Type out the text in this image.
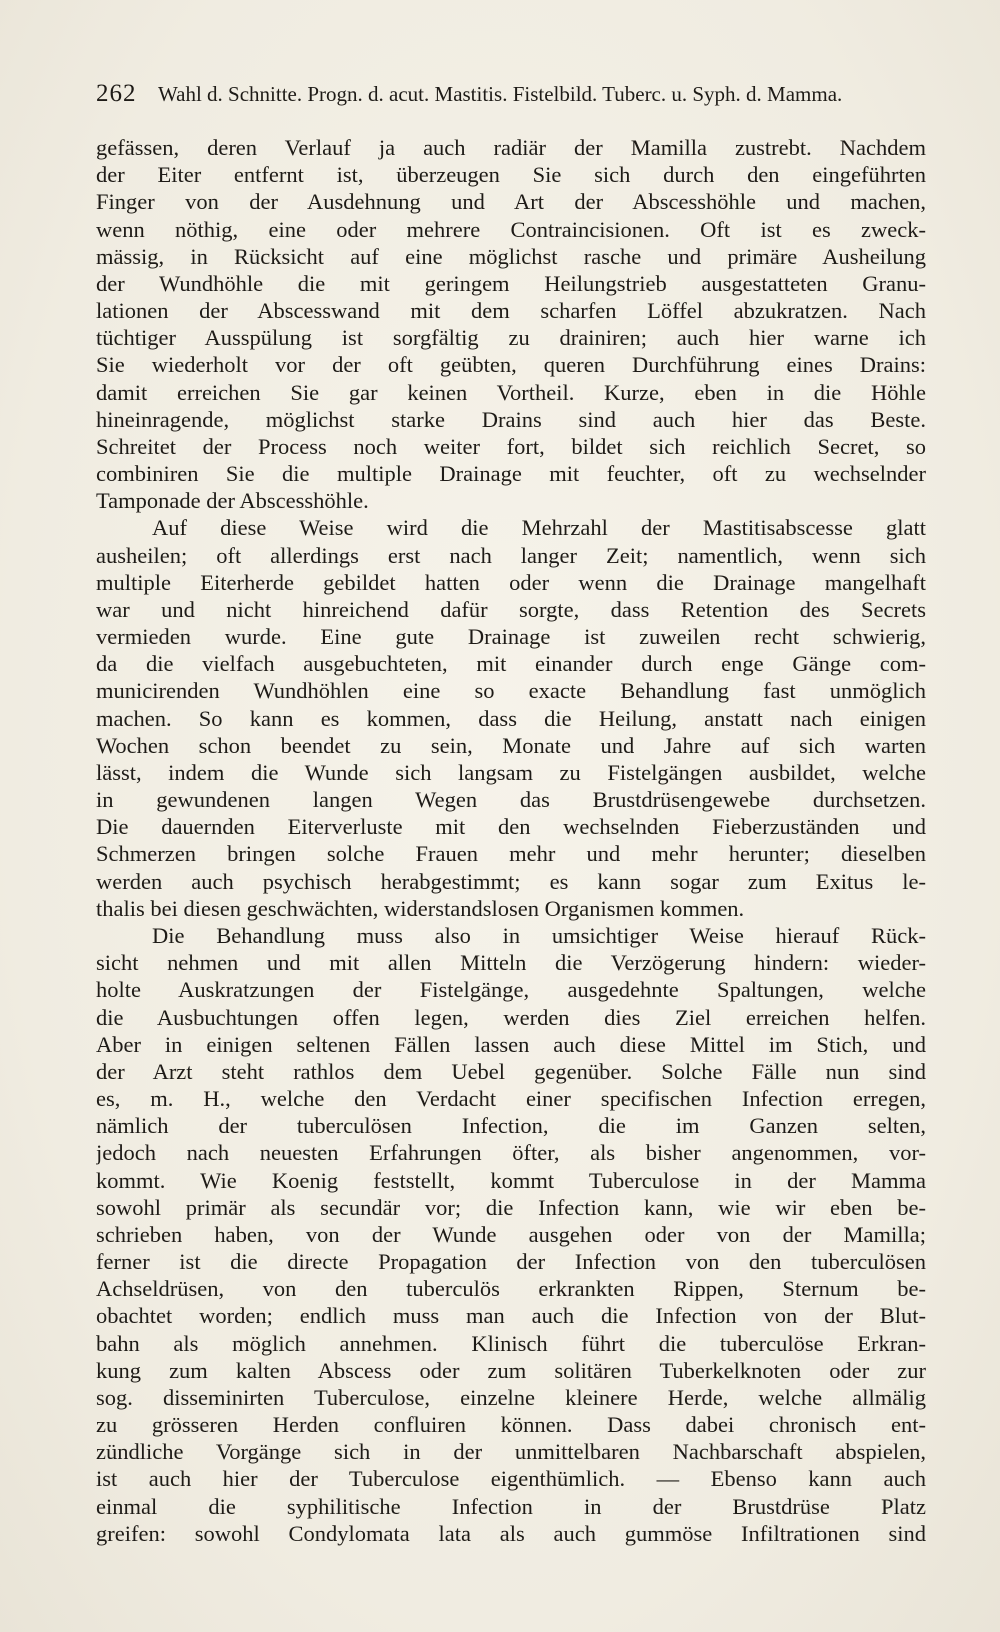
262 Wahl d. Schnitte. Progn. d. acut. Mastitis. Fistelbild. Tuberc. u. Syph. d. Mamma.
gefässen, deren Verlauf ja auch radiär der Mamilla zustrebt. Nachdem
der Eiter entfernt ist, überzeugen Sie sich durch den eingeführten
Finger von der Ausdehnung und Art der Abscesshöhle und machen,
wenn nöthig, eine oder mehrere Contraincisionen. Oft ist es zweck-
mässig, in Rücksicht auf eine möglichst rasche und primäre Ausheilung
der Wundhöhle die mit geringem Heilungstrieb ausgestatteten Granu-
lationen der Abscesswand mit dem scharfen Löffel abzukratzen. Nach
tüchtiger Ausspülung ist sorgfältig zu drainiren; auch hier warne ich
Sie wiederholt vor der oft geübten, queren Durchführung eines Drains:
damit erreichen Sie gar keinen Vortheil. Kurze, eben in die Höhle
hineinragende, möglichst starke Drains sind auch hier das Beste.
Schreitet der Process noch weiter fort, bildet sich reichlich Secret, so
combiniren Sie die multiple Drainage mit feuchter, oft zu wechselnder
Tamponade der Abscesshöhle.
Auf diese Weise wird die Mehrzahl der Mastitisabscesse glatt
ausheilen; oft allerdings erst nach langer Zeit; namentlich, wenn sich
multiple Eiterherde gebildet hatten oder wenn die Drainage mangelhaft
war und nicht hinreichend dafür sorgte, dass Retention des Secrets
vermieden wurde. Eine gute Drainage ist zuweilen recht schwierig,
da die vielfach ausgebuchteten, mit einander durch enge Gänge com-
municirenden Wundhöhlen eine so exacte Behandlung fast unmöglich
machen. So kann es kommen, dass die Heilung, anstatt nach einigen
Wochen schon beendet zu sein, Monate und Jahre auf sich warten
lässt, indem die Wunde sich langsam zu Fistelgängen ausbildet, welche
in gewundenen langen Wegen das Brustdrüsengewebe durchsetzen.
Die dauernden Eiterverluste mit den wechselnden Fieberzuständen und
Schmerzen bringen solche Frauen mehr und mehr herunter; dieselben
werden auch psychisch herabgestimmt; es kann sogar zum Exitus le-
thalis bei diesen geschwächten, widerstandslosen Organismen kommen.
Die Behandlung muss also in umsichtiger Weise hierauf Rück-
sicht nehmen und mit allen Mitteln die Verzögerung hindern: wieder-
holte Auskratzungen der Fistelgänge, ausgedehnte Spaltungen, welche
die Ausbuchtungen offen legen, werden dies Ziel erreichen helfen.
Aber in einigen seltenen Fällen lassen auch diese Mittel im Stich, und
der Arzt steht rathlos dem Uebel gegenüber. Solche Fälle nun sind
es, m. H., welche den Verdacht einer specifischen Infection erregen,
nämlich der tuberculösen Infection, die im Ganzen selten,
jedoch nach neuesten Erfahrungen öfter, als bisher angenommen, vor-
kommt. Wie Koenig feststellt, kommt Tuberculose in der Mamma
sowohl primär als secundär vor; die Infection kann, wie wir eben be-
schrieben haben, von der Wunde ausgehen oder von der Mamilla;
ferner ist die directe Propagation der Infection von den tuberculösen
Achseldrüsen, von den tuberculös erkrankten Rippen, Sternum be-
obachtet worden; endlich muss man auch die Infection von der Blut-
bahn als möglich annehmen. Klinisch führt die tuberculöse Erkran-
kung zum kalten Abscess oder zum solitären Tuberkelknoten oder zur
sog. disseminirten Tuberculose, einzelne kleinere Herde, welche allmälig
zu grösseren Herden confluiren können. Dass dabei chronisch ent-
zündliche Vorgänge sich in der unmittelbaren Nachbarschaft abspielen,
ist auch hier der Tuberculose eigenthümlich. — Ebenso kann auch
einmal die syphilitische Infection in der Brustdrüse Platz
greifen: sowohl Condylomata lata als auch gummöse Infiltrationen sind
